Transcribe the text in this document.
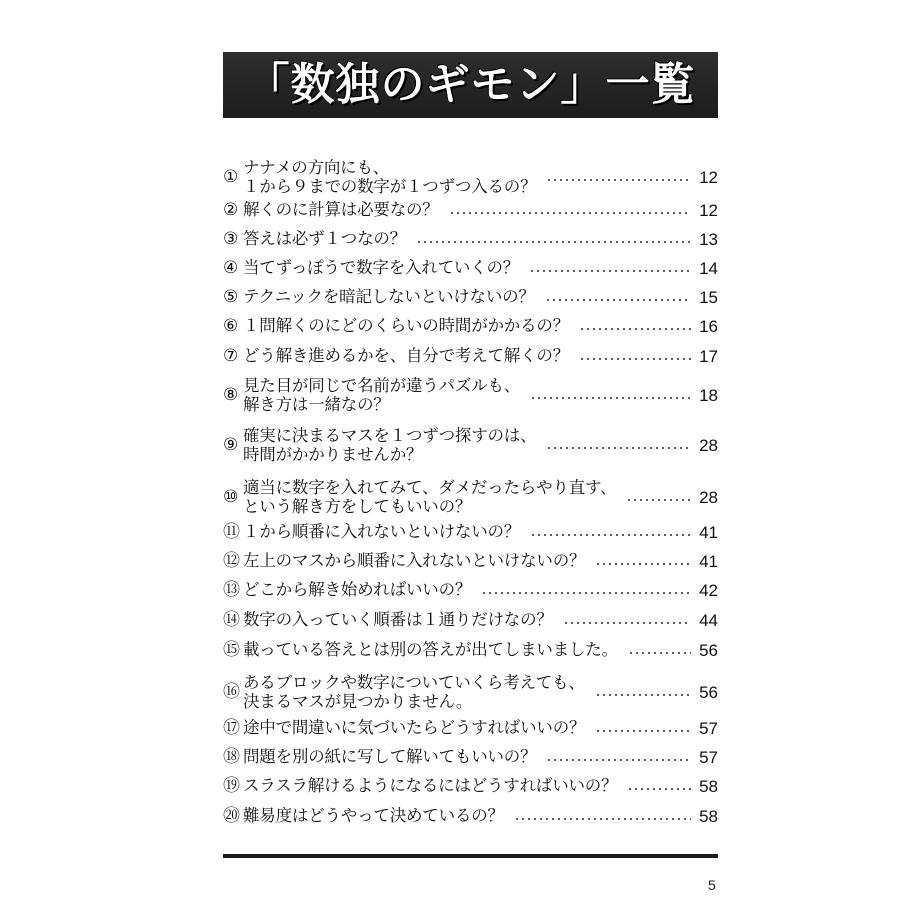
「数独のギモン」一覧
① ナナメの方向にも、
１から９までの数字が１つずつ入るの？	12
② 解くのに計算は必要なの？	12
③ 答えは必ず１つなの？	13
④ 当てずっぽうで数字を入れていくの？	14
⑤ テクニックを暗記しないといけないの？	15
⑥ １問解くのにどのくらいの時間がかかるの？	16
⑦ どう解き進めるかを、自分で考えて解くの？	17
⑧ 見た目が同じで名前が違うパズルも、
解き方は一緒なの？	18
⑨ 確実に決まるマスを１つずつ探すのは、
時間がかかりませんか？	28
⑩ 適当に数字を入れてみて、ダメだったらやり直す、
という解き方をしてもいいの？	28
⑪ １から順番に入れないといけないの？	41
⑫ 左上のマスから順番に入れないといけないの？	41
⑬ どこから解き始めればいいの？	42
⑭ 数字の入っていく順番は１通りだけなの？	44
⑮ 載っている答えとは別の答えが出てしまいました。	56
⑯ あるブロックや数字についていくら考えても、
決まるマスが見つかりません。	56
⑰ 途中で間違いに気づいたらどうすればいいの？	57
⑱ 問題を別の紙に写して解いてもいいの？	57
⑲ スラスラ解けるようになるにはどうすればいいの？	58
⑳ 難易度はどうやって決めているの？	58
5
